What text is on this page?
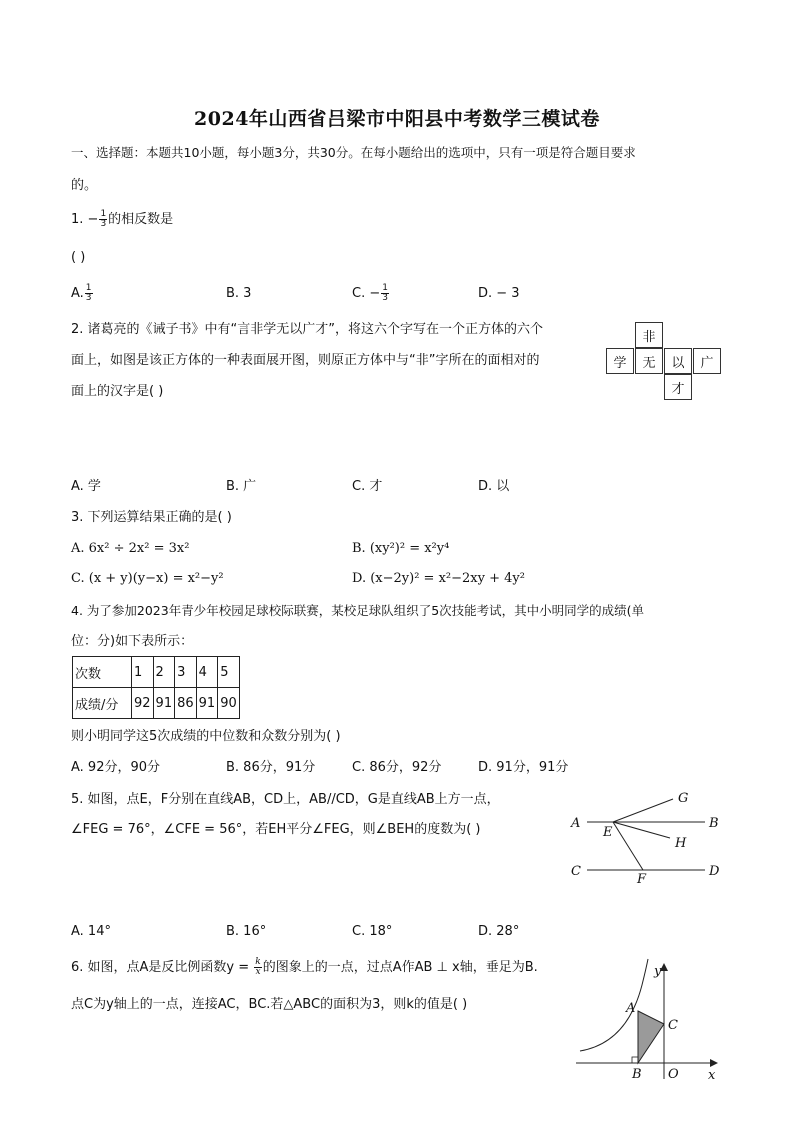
2024年山西省吕梁市中阳县中考数学三模试卷
一、选择题：本题共10小题，每小题3分，共30分。在每小题给出的选项中，只有一项是符合题目要求
的。
1. − $\frac{1}{3}$ 的相反数是
( )
A. $\frac{1}{3}$	B. 3	C. − $\frac{1}{3}$	D. − 3
2. 诸葛亮的《诫子书》中有“言非学无以广才”，将这六个字写在一个正方体的六个
面上，如图是该正方体的一种表面展开图，则原正方体中与“非”字所在的面相对的
面上的汉字是( )
非
学	无	以	广
才
A. 学	B. 广	C. 才	D. 以
3. 下列运算结果正确的是( )
A. 6x² ÷ 2x² = 3x²	B. (xy²)² = x²y⁴
C. (x + y)(y−x) = x²−y²	D. (x−2y)² = x²−2xy + 4y²
4. 为了参加2023年青少年校园足球校际联赛，某校足球队组织了5次技能考试，其中小明同学的成绩(单
位：分)如下表所示：
次数	1	2	3	4	5
成绩/分	92	91	86	91	90
则小明同学这5次成绩的中位数和众数分别为( )
A. 92分，90分	B. 86分，91分	C. 86分，92分	D. 91分，91分
5. 如图，点E，F分别在直线AB，CD上，AB//CD，G是直线AB上方一点，
∠FEG = 76°，∠CFE = 56°，若EH平分∠FEG，则∠BEH的度数为( )	A	B
C	D
E
F
G
H
A. 14°	B. 16°	C. 18°	D. 28°
6. 如图，点A是反比例函数$y = \frac{k}{x}$ 的图象上的一点，过点A作AB ⊥ x轴，垂足为B.
点C为y轴上的一点，连接AC，BC.若△ABC的面积为3，则k的值是( )
y
x
A
B
C
O
